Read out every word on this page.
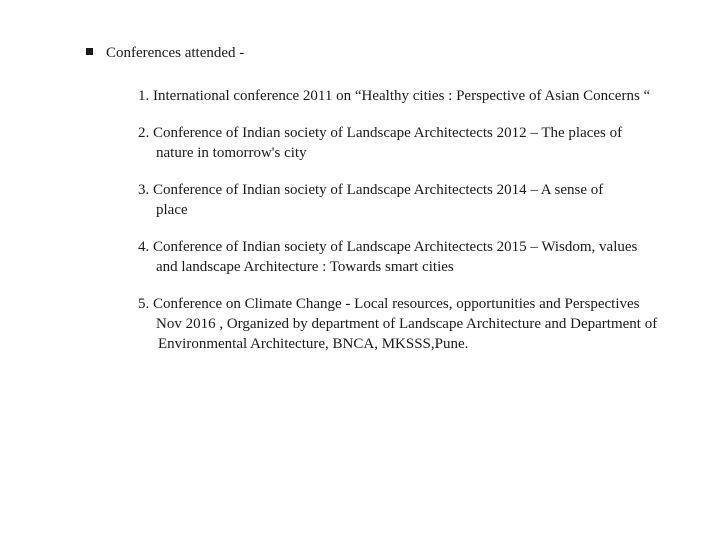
Conferences attended -
1. International conference 2011 on “Healthy cities : Perspective of Asian Concerns “
2. Conference of Indian society of Landscape Architectects 2012 – The places of
nature in tomorrow's city
3. Conference of Indian society of Landscape Architectects 2014 – A sense of
place
4. Conference of Indian society of Landscape Architectects 2015 – Wisdom, values
and landscape Architecture : Towards smart cities
5. Conference on Climate Change - Local resources, opportunities and Perspectives
Nov 2016 , Organized by department of Landscape Architecture and Department of
Environmental Architecture, BNCA, MKSSS,Pune.
